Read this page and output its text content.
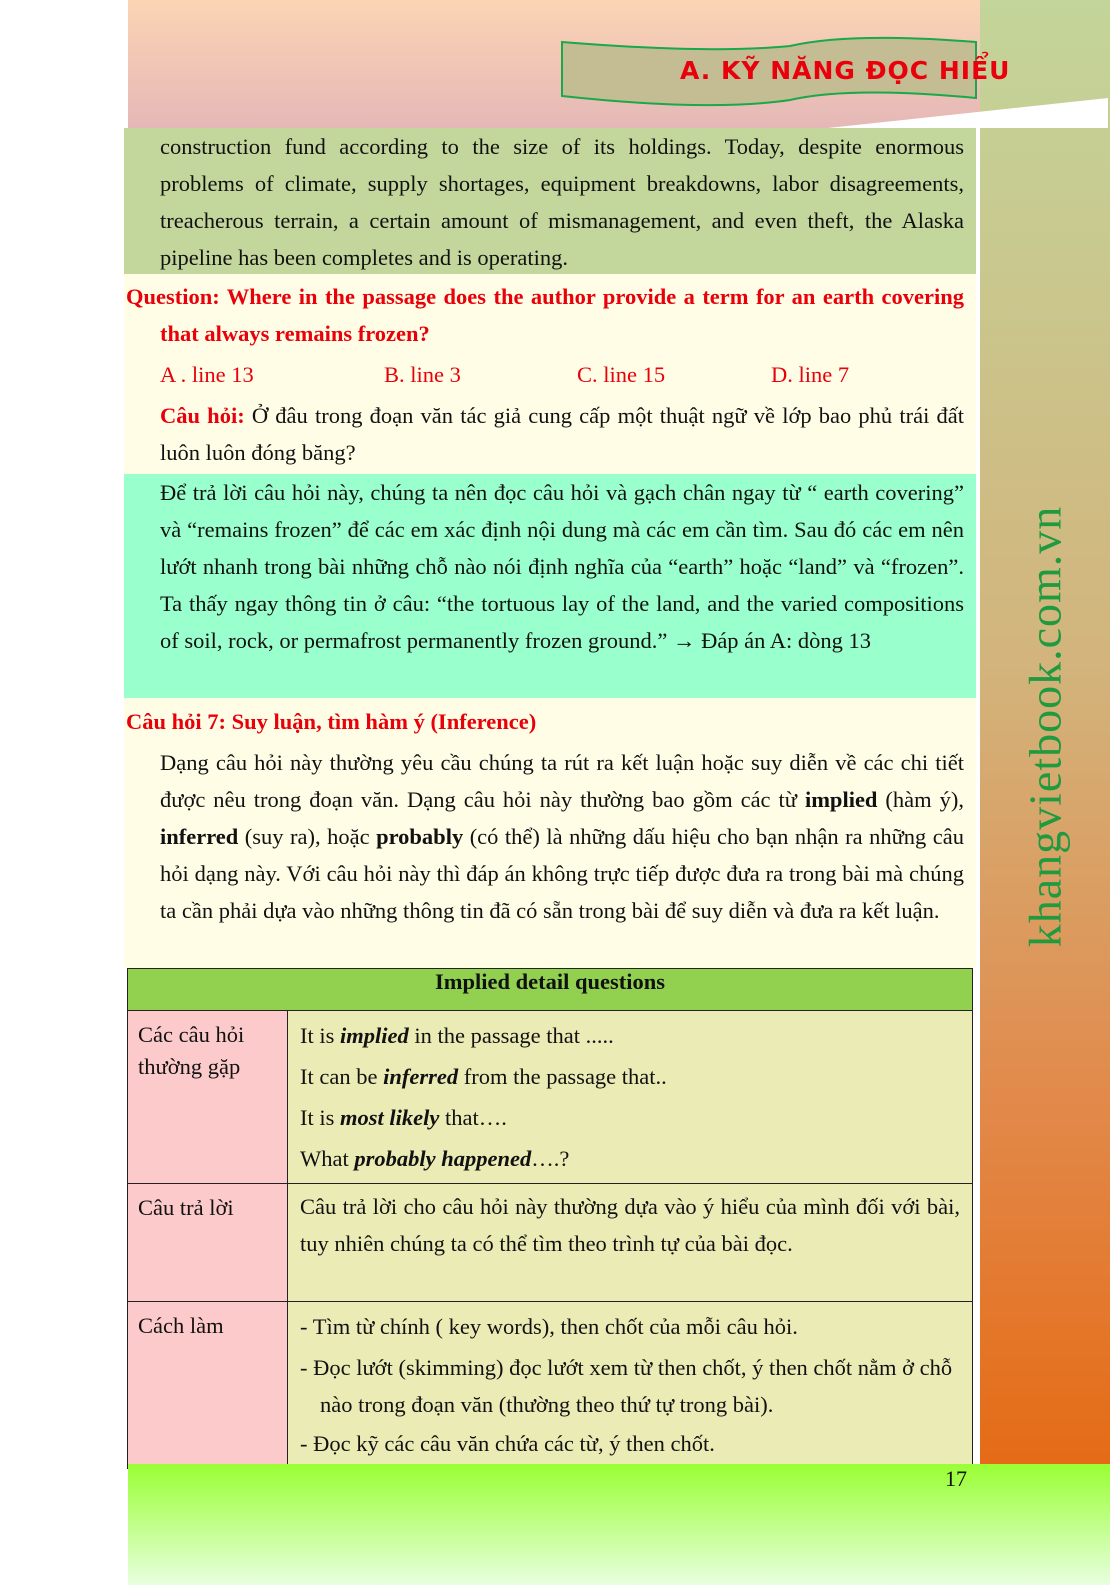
khangvietbook.com.vn
A. KỸ NĂNG ĐỌC HIỂU
construction fund according to the size of its holdings. Today, despite enormous problems of climate, supply shortages, equipment breakdowns, labor disagreements, treacherous terrain, a certain amount of mismanagement, and even theft, the Alaska pipeline has been completes and is operating.
Question: Where in the passage does the author provide a term for an earth covering that always remains frozen?
A . line 13	B. line 3	C. line 15	D. line 7
Câu hỏi: Ở đâu trong đoạn văn tác giả cung cấp một thuật ngữ về lớp bao phủ trái đất luôn luôn đóng băng?
Để trả lời câu hỏi này, chúng ta nên đọc câu hỏi và gạch chân ngay từ “ earth covering” và “remains frozen” để các em xác định nội dung mà các em cần tìm. Sau đó các em nên lướt nhanh trong bài những chỗ nào nói định nghĩa của “earth” hoặc “land” và “frozen”. Ta thấy ngay thông tin ở câu: “the tortuous lay of the land, and the varied compositions of soil, rock, or permafrost permanently frozen ground.” → Đáp án A: dòng 13
Câu hỏi 7: Suy luận, tìm hàm ý (Inference)
Dạng câu hỏi này thường yêu cầu chúng ta rút ra kết luận hoặc suy diễn về các chi tiết được nêu trong đoạn văn. Dạng câu hỏi này thường bao gồm các từ implied (hàm ý), inferred (suy ra), hoặc probably (có thể) là những dấu hiệu cho bạn nhận ra những câu hỏi dạng này. Với câu hỏi này thì đáp án không trực tiếp được đưa ra trong bài mà chúng ta cần phải dựa vào những thông tin đã có sẵn trong bài để suy diễn và đưa ra kết luận.
Implied detail questions	
Các câu hỏi thường gặp	It is implied in the passage that .....
It can be inferred from the passage that..
It is most likely that….
What probably happened….?

Câu trả lời	Câu trả lời cho câu hỏi này thường dựa vào ý hiểu của mình đối với bài, tuy nhiên chúng ta có thể tìm theo trình tự của bài đọc.
Cách làm	- Tìm từ chính ( key words), then chốt của mỗi câu hỏi.
- Đọc lướt (skimming) đọc lướt xem từ then chốt, ý then chốt nằm ở chỗ nào trong đoạn văn (thường theo thứ tự trong bài).
- Đọc kỹ các câu văn chứa các từ, ý then chốt.
17
